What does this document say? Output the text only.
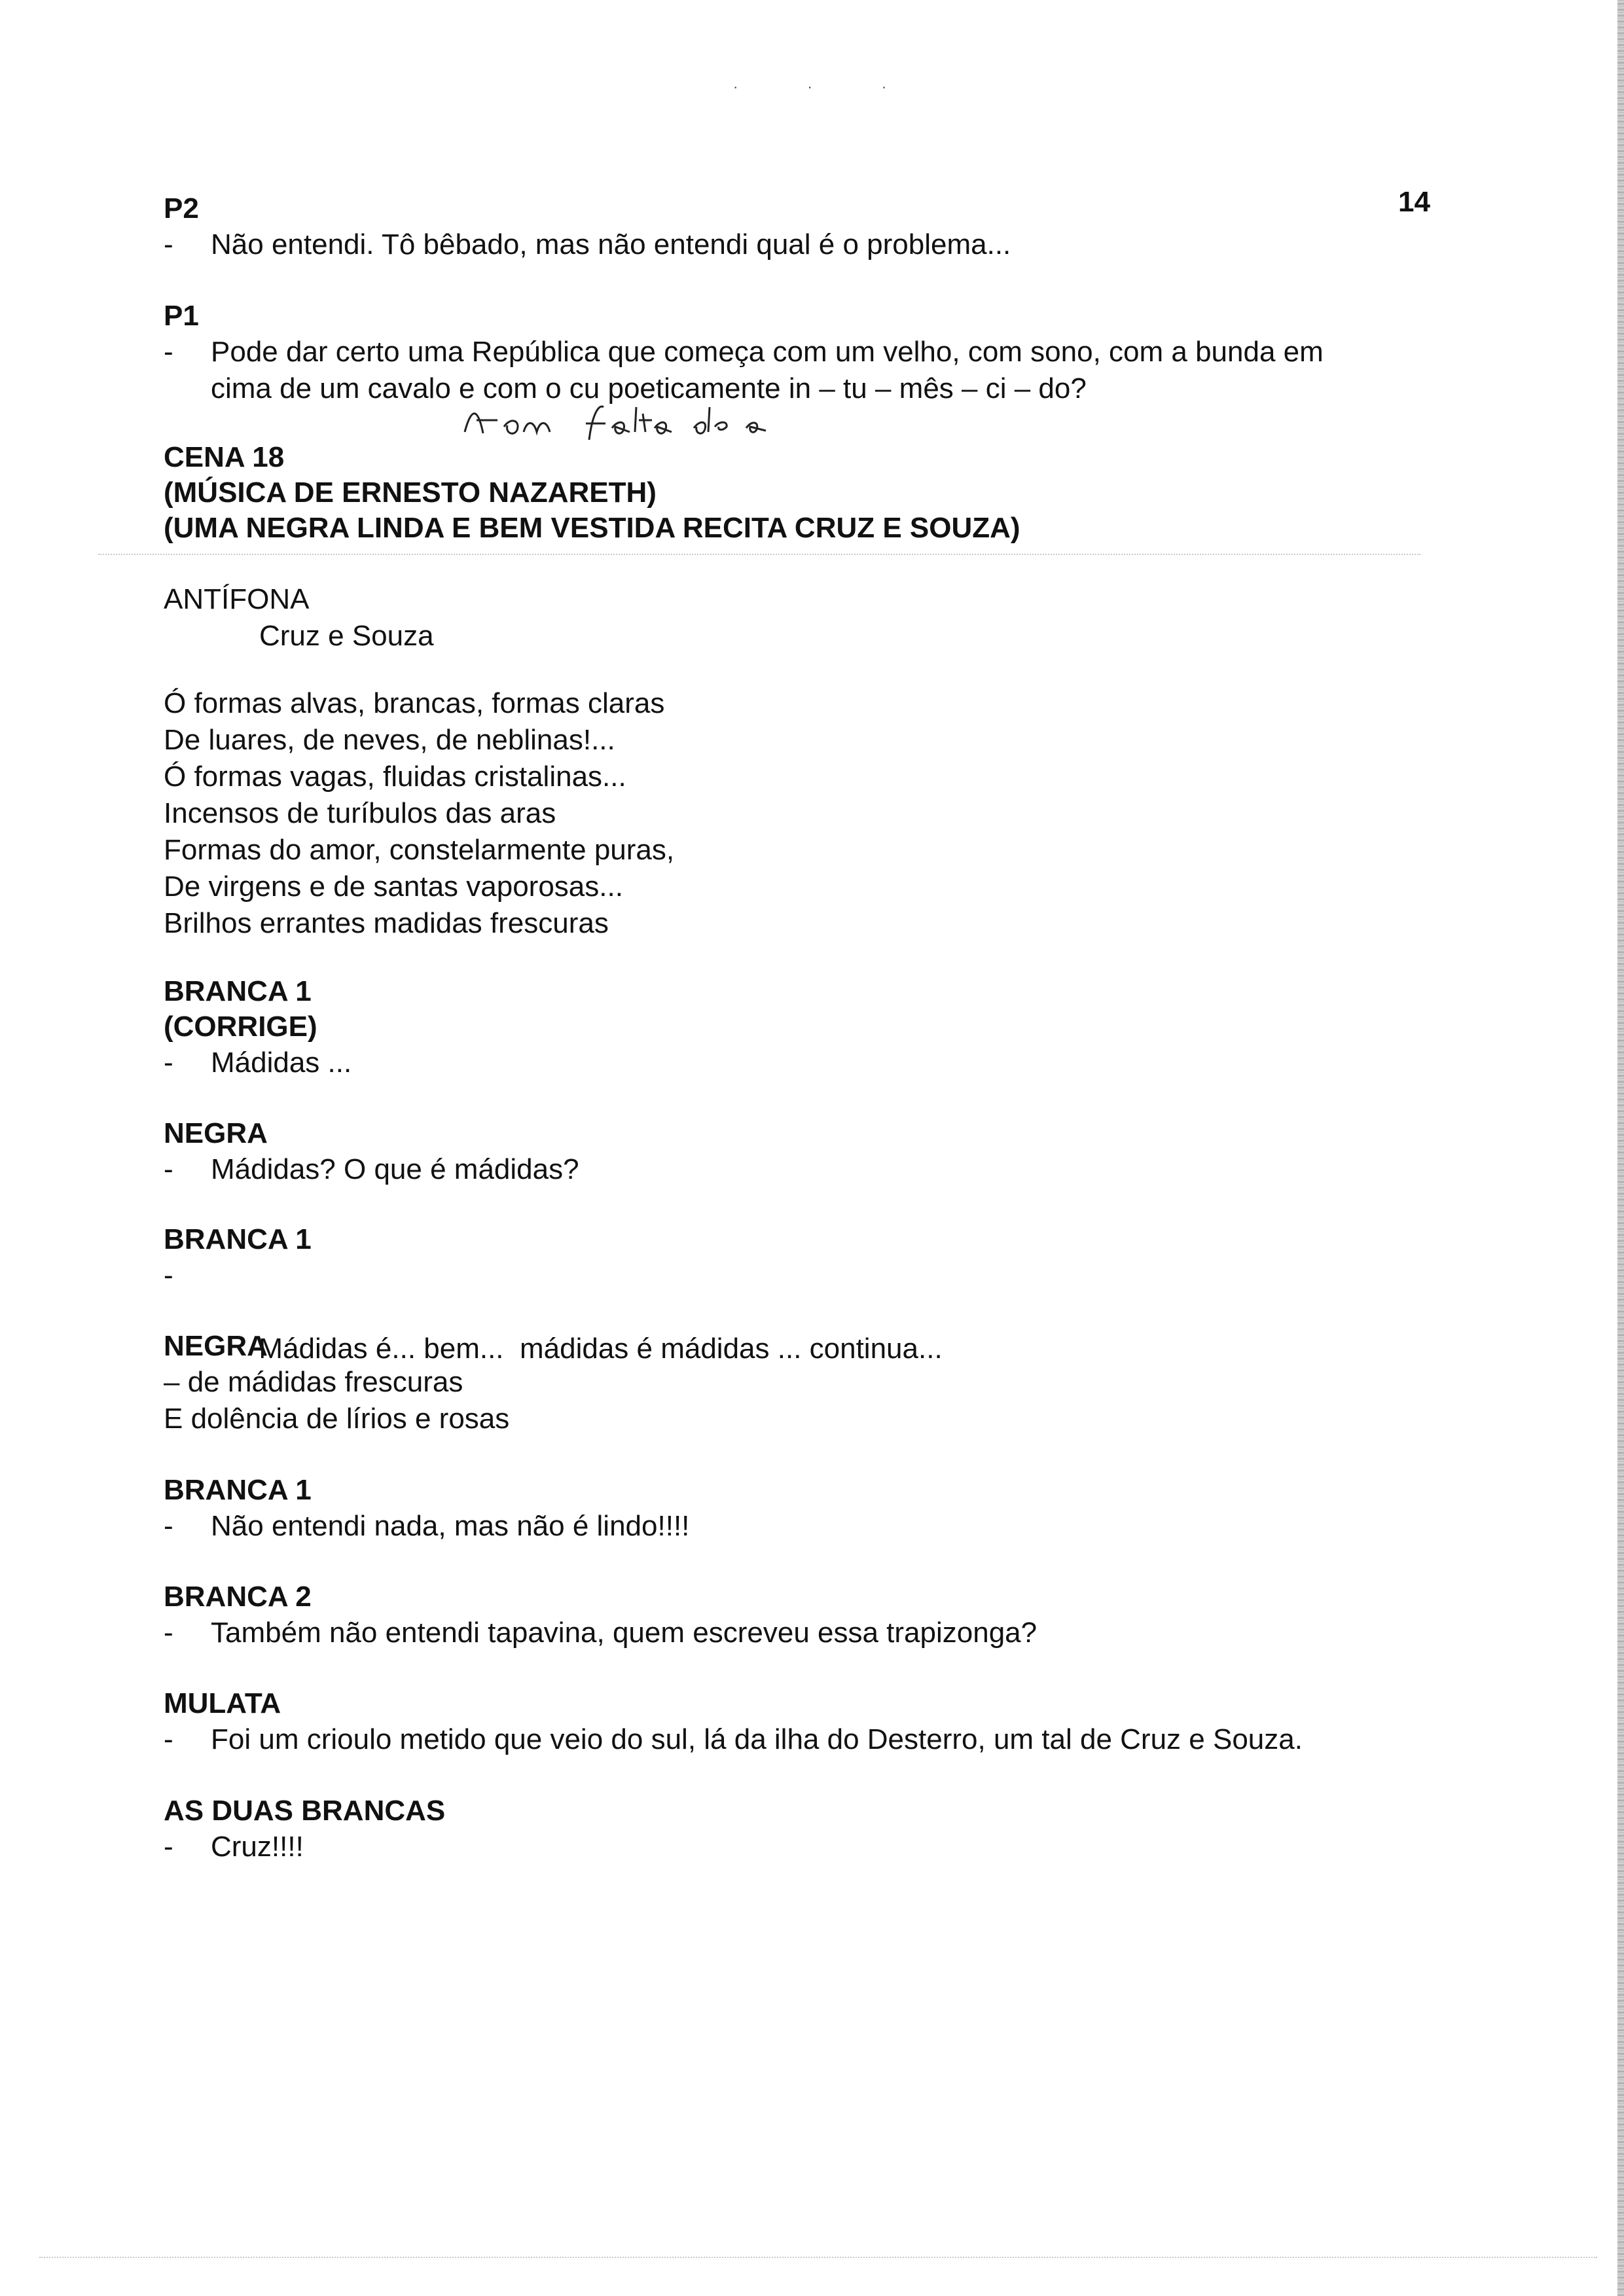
· · ·
14

P2

- Não entendi. Tô bêbado, mas não entendi qual é o problema...

P1

- Pode dar certo uma República que começa com um velho, com sono, com a bunda em

cima de um cavalo e com o cu poeticamente in – tu – mês – ci – do?

CENA 18

(MÚSICA DE ERNESTO NAZARETH)

(UMA NEGRA LINDA E BEM VESTIDA RECITA CRUZ E SOUZA)

ANTÍFONA

Cruz e Souza

Ó formas alvas, brancas, formas claras

De luares, de neves, de neblinas!...

Ó formas vagas, fluidas cristalinas...

Incensos de turíbulos das aras

Formas do amor, constelarmente puras,

De virgens e de santas vaporosas...

Brilhos errantes madidas frescuras

BRANCA 1

(CORRIGE)

- Mádidas ...

NEGRA

- Mádidas? O que é mádidas?

BRANCA 1

-

Mádidas é... bem...  mádidas é mádidas ... continua...

NEGRA

– de mádidas frescuras

E dolência de lírios e rosas

BRANCA 1

- Não entendi nada, mas não é lindo!!!!

BRANCA 2

- Também não entendi tapavina, quem escreveu essa trapizonga?

MULATA

- Foi um crioulo metido que veio do sul, lá da ilha do Desterro, um tal de Cruz e Souza.

AS DUAS BRANCAS

- Cruz!!!!
